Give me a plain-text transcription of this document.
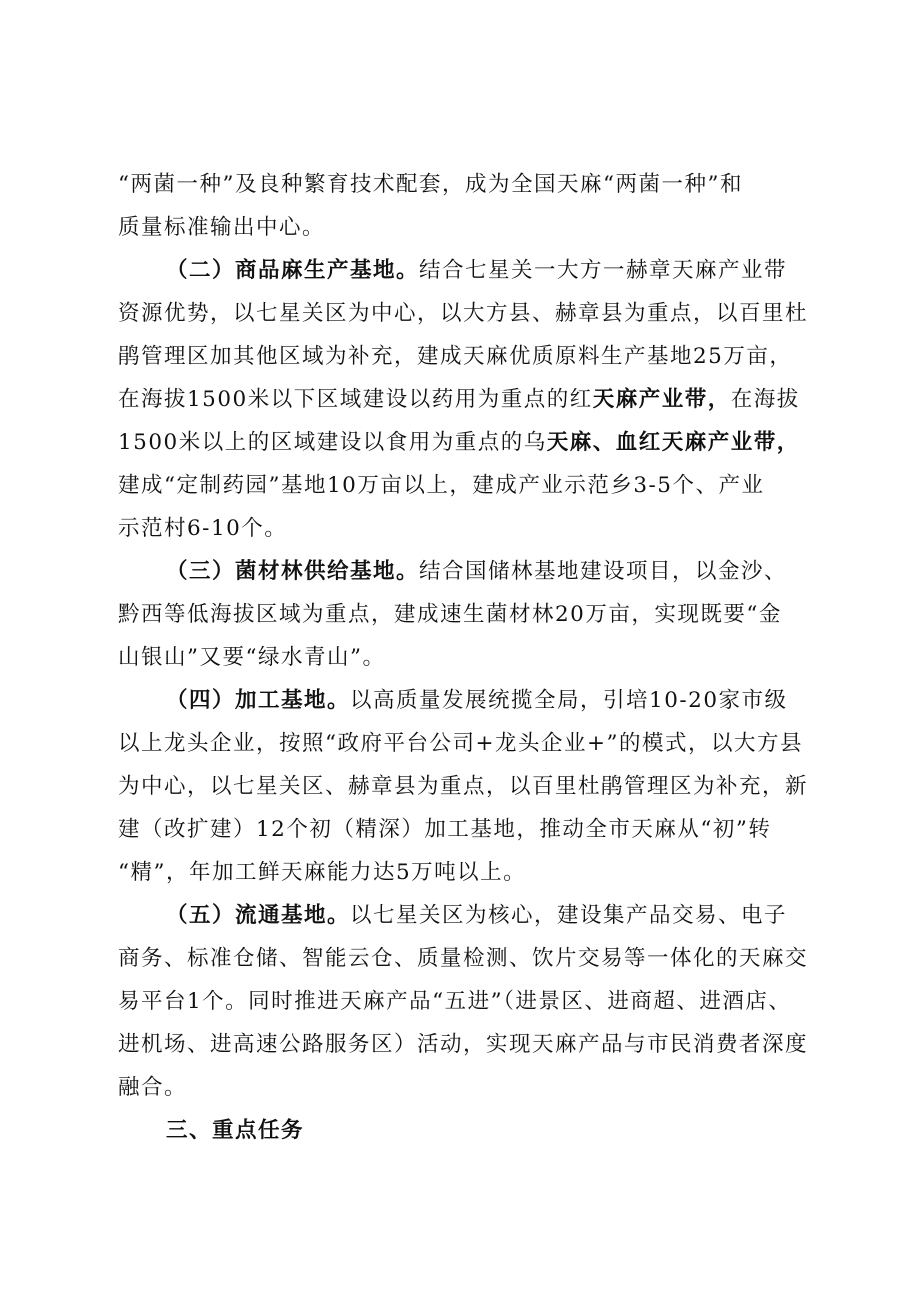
“两菌一种”及良种繁育技术配套，成为全国天麻“两菌一种”和
质量标准输出中心。
（二）商品麻生产基地。结合七星关一大方一赫章天麻产业带
资源优势，以七星关区为中心，以大方县、赫章县为重点，以百里杜
鹃管理区加其他区域为补充，建成天麻优质原料生产基地25万亩，
在海拔1500米以下区域建设以药用为重点的红天麻产业带，在海拔
1500米以上的区域建设以食用为重点的乌天麻、血红天麻产业带，
建成“定制药园”基地10万亩以上，建成产业示范乡3-5个、产业
示范村6-10个。
（三）菌材林供给基地。结合国储林基地建设项目，以金沙、
黔西等低海拔区域为重点，建成速生菌材林20万亩，实现既要“金
山银山”又要“绿水青山”。
（四）加工基地。以高质量发展统揽全局，引培10-20家市级
以上龙头企业，按照“政府平台公司+龙头企业+”的模式，以大方县
为中心，以七星关区、赫章县为重点，以百里杜鹃管理区为补充，新
建（改扩建）12个初（精深）加工基地，推动全市天麻从“初”转
“精”，年加工鲜天麻能力达5万吨以上。
（五）流通基地。以七星关区为核心，建设集产品交易、电子
商务、标准仓储、智能云仓、质量检测、饮片交易等一体化的天麻交
易平台1个。同时推进天麻产品“五进”（进景区、进商超、进酒店、
进机场、进高速公路服务区）活动，实现天麻产品与市民消费者深度
融合。
三、重点任务
